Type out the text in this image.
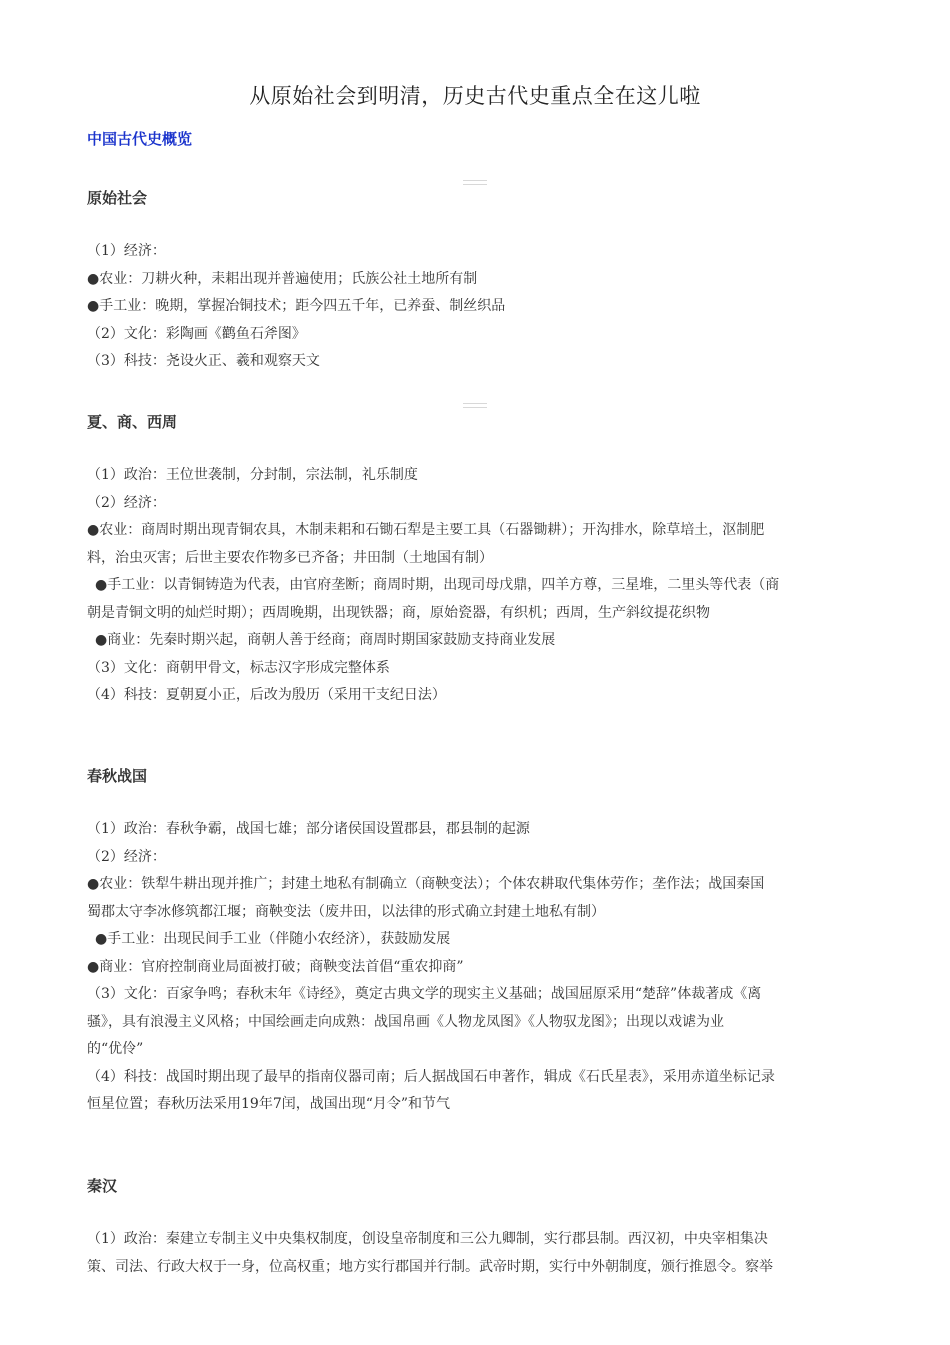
从原始社会到明清，历史古代史重点全在这儿啦
中国古代史概览
原始社会
（1）经济：
●农业：刀耕火种，耒耜出现并普遍使用；氏族公社土地所有制
●手工业：晚期，掌握冶铜技术；距今四五千年，已养蚕、制丝织品
（2）文化：彩陶画《鹳鱼石斧图》
（3）科技：尧设火正、羲和观察天文
夏、商、西周
（1）政治：王位世袭制，分封制，宗法制，礼乐制度
（2）经济：
●农业：商周时期出现青铜农具，木制耒耜和石锄石犁是主要工具（石器锄耕）；开沟排水，除草培土，沤制肥
料，治虫灭害；后世主要农作物多已齐备；井田制（土地国有制）
●手工业：以青铜铸造为代表，由官府垄断；商周时期，出现司母戊鼎，四羊方尊，三星堆，二里头等代表（商
朝是青铜文明的灿烂时期）；西周晚期，出现铁器；商，原始瓷器，有织机；西周，生产斜纹提花织物
●商业：先秦时期兴起，商朝人善于经商；商周时期国家鼓励支持商业发展
（3）文化：商朝甲骨文，标志汉字形成完整体系
（4）科技：夏朝夏小正，后改为殷历（采用干支纪日法）
春秋战国
（1）政治：春秋争霸，战国七雄；部分诸侯国设置郡县，郡县制的起源
（2）经济：
●农业：铁犁牛耕出现并推广；封建土地私有制确立（商鞅变法）；个体农耕取代集体劳作；垄作法；战国秦国
蜀郡太守李冰修筑都江堰；商鞅变法（废井田，以法律的形式确立封建土地私有制）
●手工业：出现民间手工业（伴随小农经济），获鼓励发展
●商业：官府控制商业局面被打破；商鞅变法首倡“重农抑商”
（3）文化：百家争鸣；春秋末年《诗经》，奠定古典文学的现实主义基础；战国屈原采用“楚辞”体裁著成《离
骚》，具有浪漫主义风格；中国绘画走向成熟：战国帛画《人物龙凤图》《人物驭龙图》；出现以戏谑为业
的“优伶”
（4）科技：战国时期出现了最早的指南仪器司南；后人据战国石申著作，辑成《石氏星表》，采用赤道坐标记录
恒星位置；春秋历法采用19年7闰，战国出现“月令”和节气
秦汉
（1）政治：秦建立专制主义中央集权制度，创设皇帝制度和三公九卿制，实行郡县制。西汉初，中央宰相集决
策、司法、行政大权于一身，位高权重；地方实行郡国并行制。武帝时期，实行中外朝制度，颁行推恩令。察举
